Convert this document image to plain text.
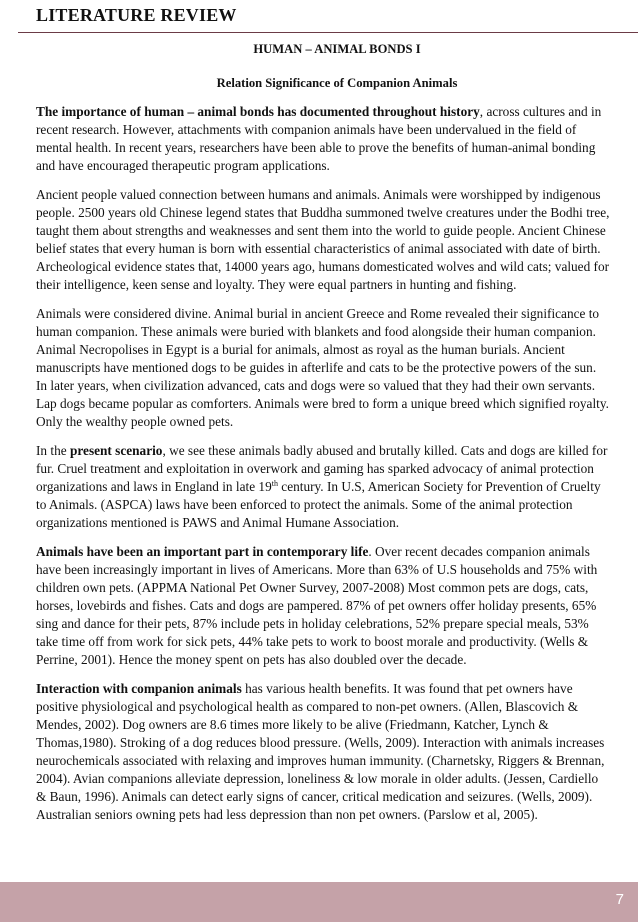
LITERATURE REVIEW
HUMAN – ANIMAL BONDS I
Relation Significance of Companion Animals

The importance of human – animal bonds has documented throughout history, across cultures and in recent research. However, attachments with companion animals have been undervalued in the field of mental health. In recent years, researchers have been able to prove the benefits of human-animal bonding and have encouraged therapeutic program applications.

Ancient people valued connection between humans and animals. Animals were worshipped by indigenous people. 2500 years old Chinese legend states that Buddha summoned twelve creatures under the Bodhi tree, taught them about strengths and weaknesses and sent them into the world to guide people. Ancient Chinese belief states that every human is born with essential characteristics of animal associated with date of birth. Archeological evidence states that, 14000 years ago, humans domesticated wolves and wild cats; valued for their intelligence, keen sense and loyalty. They were equal partners in hunting and fishing.

Animals were considered divine. Animal burial in ancient Greece and Rome revealed their significance to human companion. These animals were buried with blankets and food alongside their human companion. Animal Necropolises in Egypt is a burial for animals, almost as royal as the human burials. Ancient manuscripts have mentioned dogs to be guides in afterlife and cats to be the protective powers of the sun. In later years, when civilization advanced, cats and dogs were so valued that they had their own servants. Lap dogs became popular as comforters. Animals were bred to form a unique breed which signified royalty. Only the wealthy people owned pets.

In the present scenario, we see these animals badly abused and brutally killed. Cats and dogs are killed for fur. Cruel treatment and exploitation in overwork and gaming has sparked advocacy of animal protection organizations and laws in England in late 19th century. In U.S, American Society for Prevention of Cruelty to Animals. (ASPCA) laws have been enforced to protect the animals. Some of the animal protection organizations mentioned is PAWS and Animal Humane Association.

Animals have been an important part in contemporary life. Over recent decades companion animals have been increasingly important in lives of Americans. More than 63% of U.S households and 75% with children own pets. (APPMA National Pet Owner Survey, 2007-2008) Most common pets are dogs, cats, horses, lovebirds and fishes. Cats and dogs are pampered. 87% of pet owners offer holiday presents, 65% sing and dance for their pets, 87% include pets in holiday celebrations, 52% prepare special meals, 53% take time off from work for sick pets, 44% take pets to work to boost morale and productivity. (Wells & Perrine, 2001). Hence the money spent on pets has also doubled over the decade.

Interaction with companion animals has various health benefits. It was found that pet owners have positive physiological and psychological health as compared to non-pet owners. (Allen, Blascovich & Mendes, 2002). Dog owners are 8.6 times more likely to be alive (Friedmann, Katcher, Lynch & Thomas,1980). Stroking of a dog reduces blood pressure. (Wells, 2009). Interaction with animals increases neurochemicals associated with relaxing and improves human immunity. (Charnetsky, Riggers & Brennan, 2004). Avian companions alleviate depression, loneliness & low morale in older adults. (Jessen, Cardiello & Baun, 1996). Animals can detect early signs of cancer, critical medication and seizures. (Wells, 2009). Australian seniors owning pets had less depression than non pet owners. (Parslow et al, 2005).

7
